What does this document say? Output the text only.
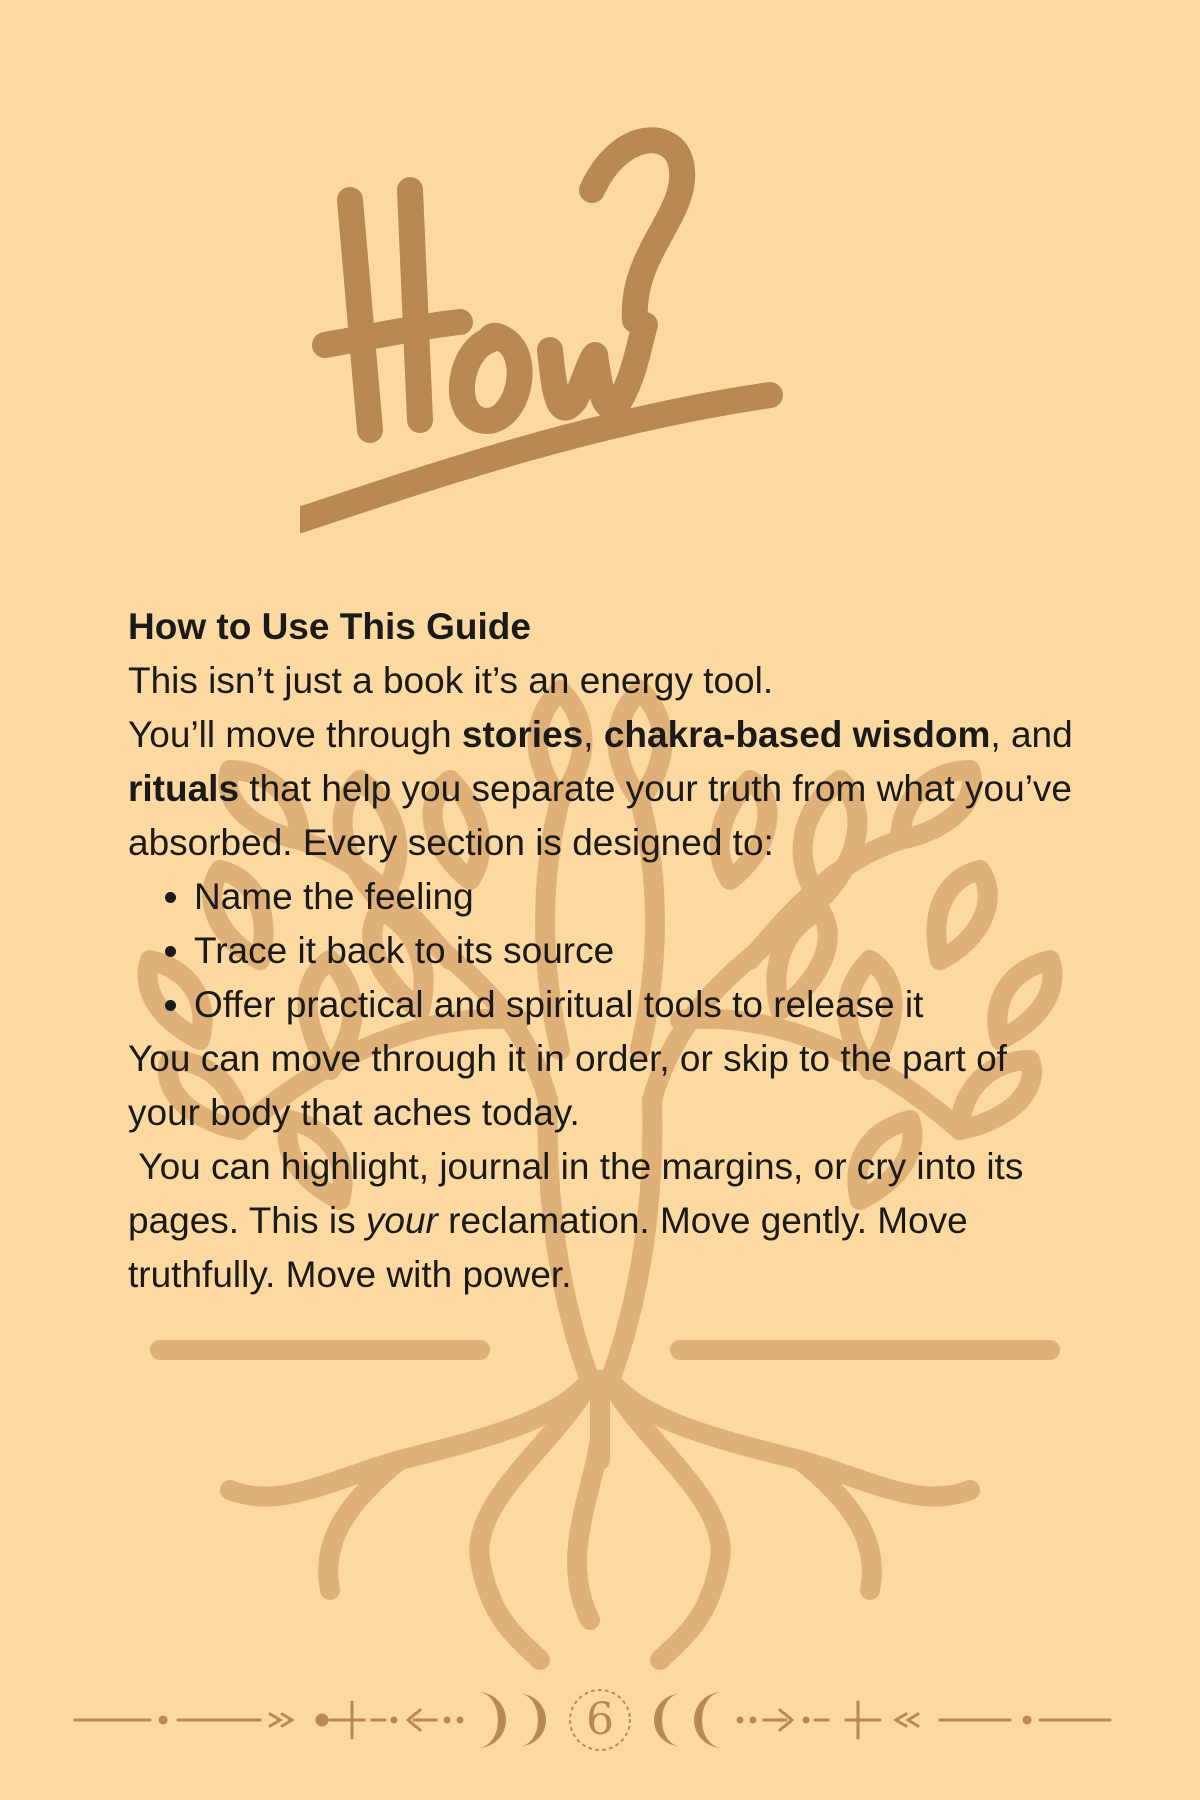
How to Use This Guide

This isn’t just a book it’s an energy tool.

You’ll move through stories, chakra-based wisdom, and rituals that help you separate your truth from what you’ve absorbed. Every section is designed to:

• Name the feeling
• Trace it back to its source
• Offer practical and spiritual tools to release it

You can move through it in order, or skip to the part of your body that aches today.

You can highlight, journal in the margins, or cry into its pages. This is your reclamation. Move gently. Move truthfully. Move with power.

6
